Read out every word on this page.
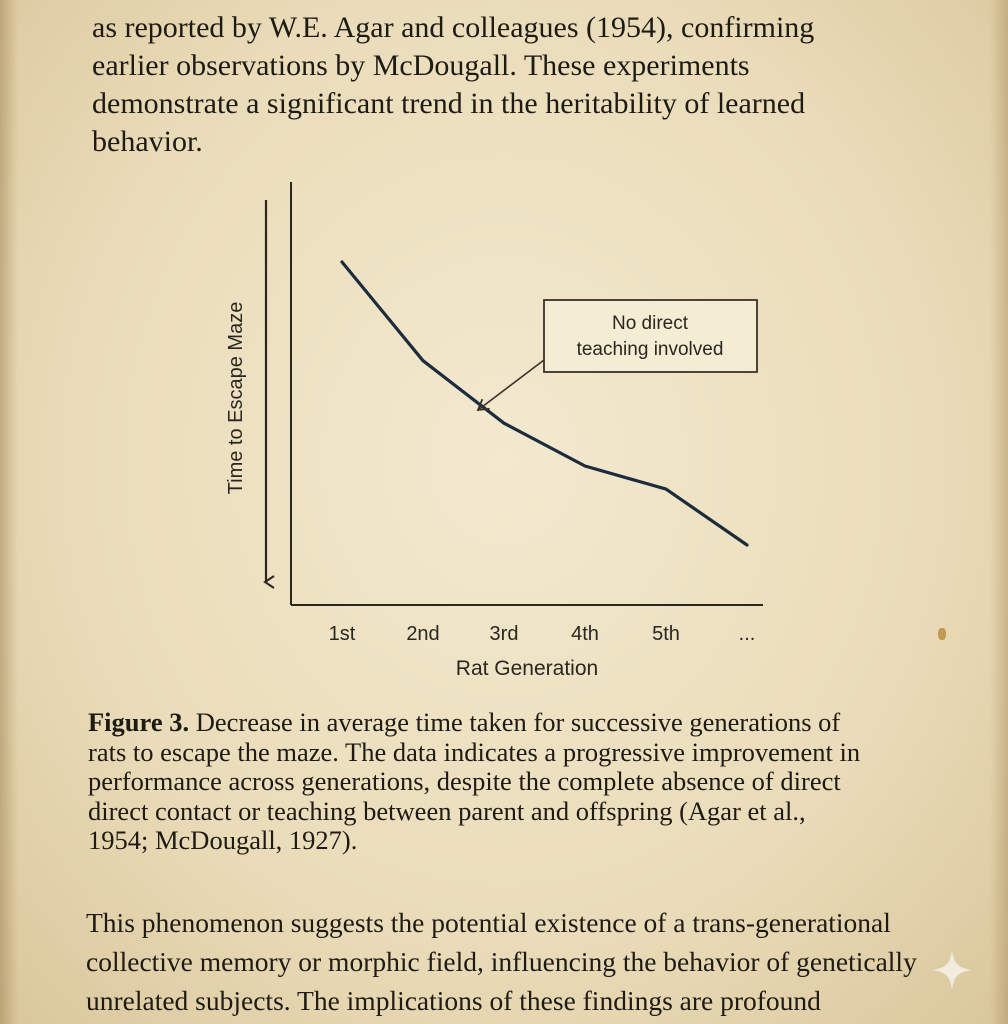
as reported by W.E. Agar and colleagues (1954), confirming
earlier observations by McDougall. These experiments
demonstrate a significant trend in the heritability of learned
behavior.
Time to Escape Maze
1st	2nd 3rd	4th	5th	...
Rat Generation
No direct
teaching involved
Figure 3. Decrease in average time taken for successive generations of
rats to escape the maze. The data indicates a progressive improvement in
performance across generations, despite the complete absence of direct
direct contact or teaching between parent and offspring (Agar et al.,
1954; McDougall, 1927).
This phenomenon suggests the potential existence of a trans-generational
collective memory or morphic field, influencing the behavior of genetically
unrelated subjects. The implications of these findings are profound
